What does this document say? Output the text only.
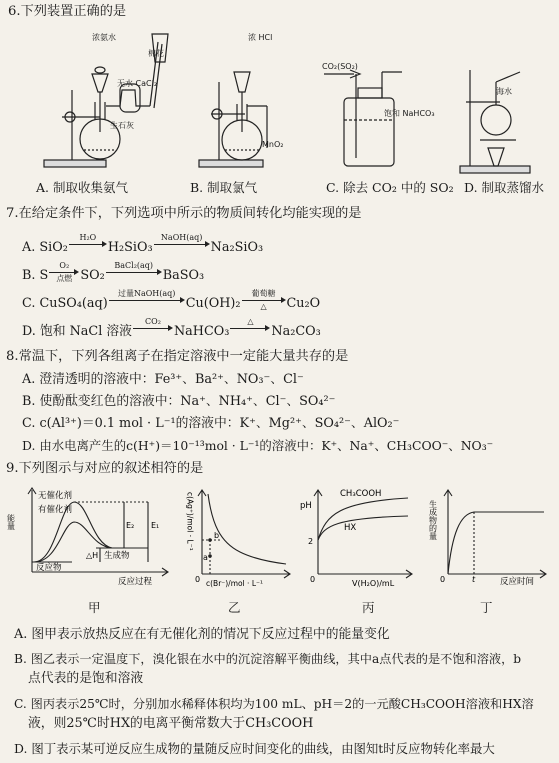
6.下列装置正确的是
浓氨水
棉花
无水 CaCl₂
生石灰
浓 HCl
MnO₂
CO₂(SO₂)
饱和 NaHCO₃
海水
A. 制取收集氨气	B. 制取氯气	C. 除去 CO₂ 中的 SO₂ D. 制取蒸馏水
7.在给定条件下，下列选项中所示的物质间转化均能实现的是
A. SiO₂
H₂O

H₂SiO₃
NaOH(aq)

Na₂SiO₃
B. S
O₂
点燃 SO₂
BaCl₂(aq)

BaSO₃
C. CuSO₄(aq)
过量NaOH(aq)

Cu(OH)₂
葡萄糖
△	Cu₂O
D. 饱和 NaCl 溶液
CO₂

NaHCO₃
△

Na₂CO₃
8.常温下，下列各组离子在指定溶液中一定能大量共存的是
A. 澄清透明的溶液中：Fe³⁺、Ba²⁺、NO₃⁻、Cl⁻
B. 使酚酞变红色的溶液中：Na⁺、NH₄⁺、Cl⁻、SO₄²⁻
C. c(Al³⁺)＝0.1 mol · L⁻¹的溶液中：K⁺、Mg²⁺、SO₄²⁻、AlO₂⁻
D. 由水电离产生的c(H⁺)＝10⁻¹³mol · L⁻¹的溶液中：K⁺、Na⁺、CH₃COO⁻、NO₃⁻
9.下列图示与对应的叙述相符的是
能量
无催化剂
有催化剂
E₂ E₁
△H 生成物
反应物
反应过程
甲
a
b
0
c(Ag⁺)/mol · L⁻¹
c(Br⁻)/mol · L⁻¹
乙
pH
CH₃COOH
HX
2
0	V(H₂O)/mL
丙
生成物的量
0	t	反应时间
丁
A. 图甲表示放热反应在有无催化剂的情况下反应过程中的能量变化
B. 图乙表示一定温度下，溴化银在水中的沉淀溶解平衡曲线，其中a点代表的是不饱和溶液，b
点代表的是饱和溶液
C. 图丙表示25℃时，分别加水稀释体积均为100 mL、pH＝2的一元酸CH₃COOH溶液和HX溶
液，则25℃时HX的电离平衡常数大于CH₃COOH
D. 图丁表示某可逆反应生成物的量随反应时间变化的曲线，由图知t时反应物转化率最大
